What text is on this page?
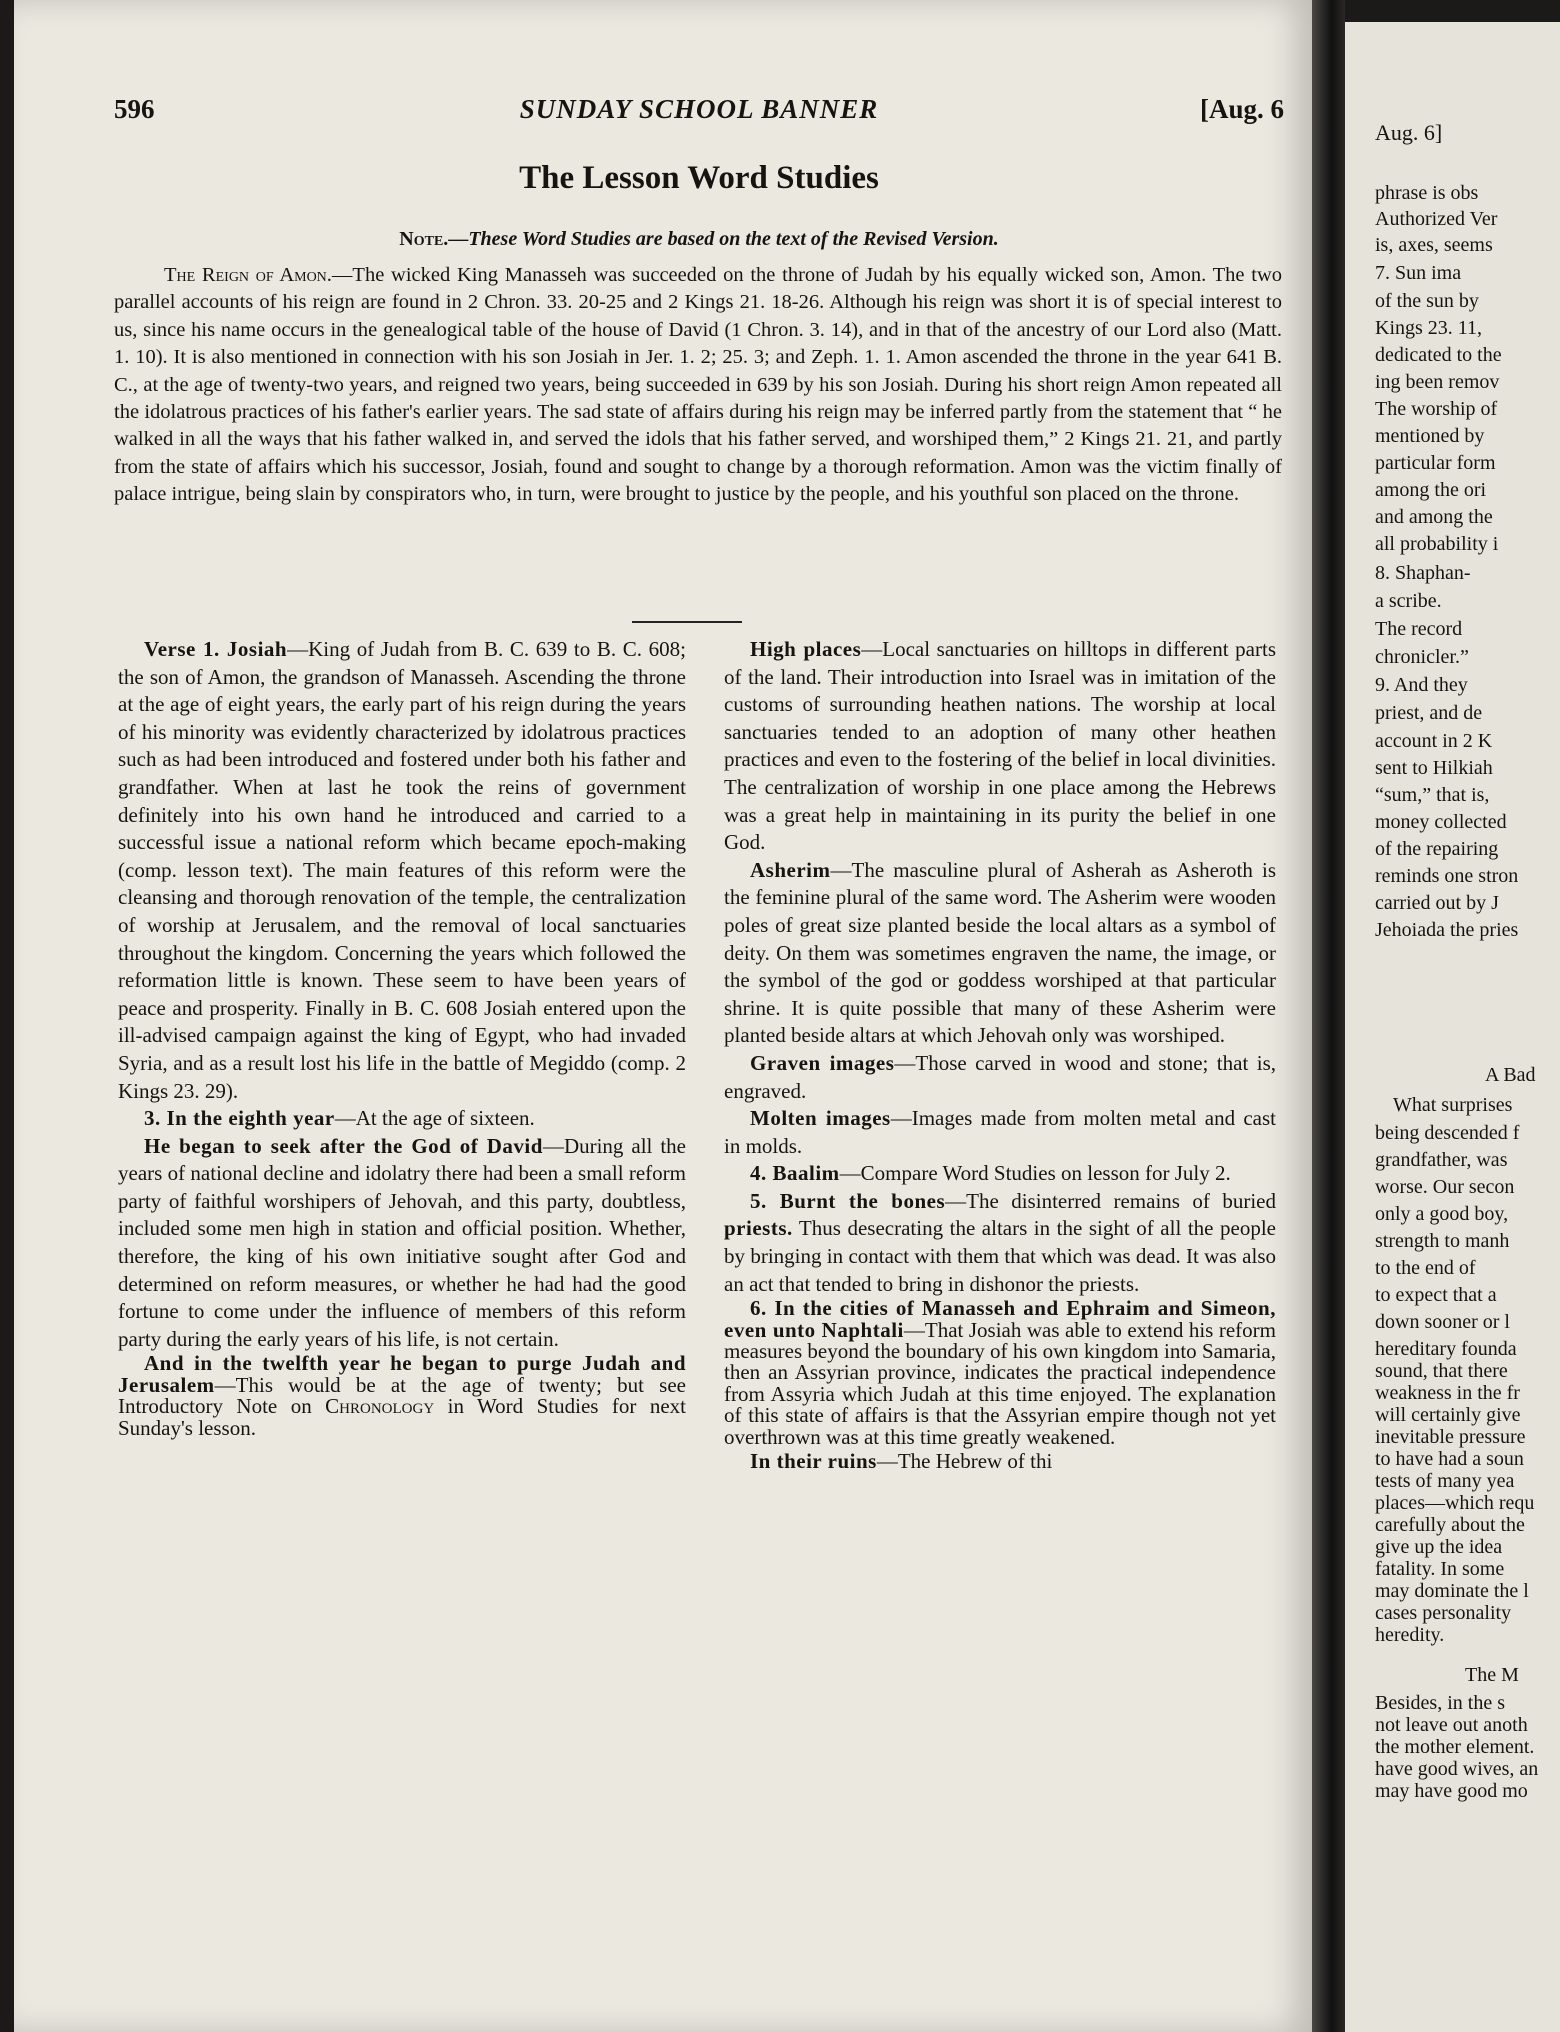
596	SUNDAY SCHOOL BANNER	[Aug. 6
The Lesson Word Studies
Note.—These Word Studies are based on the text of the Revised Version.
The Reign of Amon.—The wicked King Manasseh was succeeded on the throne of Judah by his equally wicked son, Amon. The two parallel accounts of his reign are found in 2 Chron. 33. 20-25 and 2 Kings 21. 18-26. Although his reign was short it is of special interest to us, since his name occurs in the genealogical table of the house of David (1 Chron. 3. 14), and in that of the ancestry of our Lord also (Matt. 1. 10). It is also mentioned in connection with his son Josiah in Jer. 1. 2; 25. 3; and Zeph. 1. 1. Amon ascended the throne in the year 641 B. C., at the age of twenty-two years, and reigned two years, being succeeded in 639 by his son Josiah. During his short reign Amon repeated all the idolatrous practices of his father's earlier years. The sad state of affairs during his reign may be inferred partly from the statement that “ he walked in all the ways that his father walked in, and served the idols that his father served, and worshiped them,” 2 Kings 21. 21, and partly from the state of affairs which his successor, Josiah, found and sought to change by a thorough reformation. Amon was the victim finally of palace intrigue, being slain by conspirators who, in turn, were brought to justice by the people, and his youthful son placed on the throne.

Verse 1. Josiah—King of Judah from B. C. 639 to B. C. 608; the son of Amon, the grandson of Manasseh. Ascending the throne at the age of eight years, the early part of his reign during the years of his minority was evidently characterized by idolatrous practices such as had been introduced and fostered under both his father and grandfather. When at last he took the reins of government definitely into his own hand he introduced and carried to a successful issue a national reform which became epoch-making (comp. lesson text). The main features of this reform were the cleansing and thorough renovation of the temple, the centralization of worship at Jerusalem, and the removal of local sanctuaries throughout the kingdom. Concerning the years which followed the reformation little is known. These seem to have been years of peace and prosperity. Finally in B. C. 608 Josiah entered upon the ill-advised campaign against the king of Egypt, who had invaded Syria, and as a result lost his life in the battle of Megiddo (comp. 2 Kings 23. 29).

3. In the eighth year—At the age of sixteen.

He began to seek after the God of David—During all the years of national decline and idolatry there had been a small reform party of faithful worshipers of Jehovah, and this party, doubtless, included some men high in station and official position. Whether, therefore, the king of his own initiative sought after God and determined on reform measures, or whether he had had the good fortune to come under the influence of members of this reform party during the early years of his life, is not certain.

And in the twelfth year he began to purge Judah and Jerusalem—This would be at the age of twenty; but see Introductory Note on Chronology in Word Studies for next Sunday's lesson.

High places—Local sanctuaries on hilltops in different parts of the land. Their introduction into Israel was in imitation of the customs of surrounding heathen nations. The worship at local sanctuaries tended to an adoption of many other heathen practices and even to the fostering of the belief in local divinities. The centralization of worship in one place among the Hebrews was a great help in maintaining in its purity the belief in one God.

Asherim—The masculine plural of Asherah as Asheroth is the feminine plural of the same word. The Asherim were wooden poles of great size planted beside the local altars as a symbol of deity. On them was sometimes engraven the name, the image, or the symbol of the god or goddess worshiped at that particular shrine. It is quite possible that many of these Asherim were planted beside altars at which Jehovah only was worshiped.

Graven images—Those carved in wood and stone; that is, engraved.

Molten images—Images made from molten metal and cast in molds.

4. Baalim—Compare Word Studies on lesson for July 2.

5. Burnt the bones—The disinterred remains of buried priests. Thus desecrating the altars in the sight of all the people by bringing in contact with them that which was dead. It was also an act that tended to bring in dishonor the priests.

6. In the cities of Manasseh and Ephraim and Simeon, even unto Naphtali—That Josiah was able to extend his reform measures beyond the boundary of his own kingdom into Samaria, then an Assyrian province, indicates the practical independence from Assyria which Judah at this time enjoyed. The explanation of this state of affairs is that the Assyrian empire though not yet overthrown was at this time greatly weakened.

In their ruins—The Hebrew of thi

Aug. 6]
phrase is obs
Authorized Ver
is, axes, seems
7. Sun ima
of the sun by
Kings 23. 11,
dedicated to the
ing been remov
The worship of
mentioned by
particular form
among the ori
and among the
all probability i
8. Shaphan-
a scribe.
The record
chronicler.”
9. And they
priest, and de
account in 2 K
sent to Hilkiah
“sum,” that is,
money collected
of the repairing
reminds one stron
carried out by J
Jehoiada the pries
A Bad
What surprises
being descended f
grandfather, was
worse. Our secon
only a good boy,
strength to manh
to the end of
to expect that a
down sooner or l
hereditary founda
sound, that there
weakness in the fr
will certainly give
inevitable pressure
to have had a soun
tests of many yea
places—which requ
carefully about the
give up the idea
fatality. In some
may dominate the l
cases personality
heredity.
The M
Besides, in the s
not leave out anoth
the mother element.
have good wives, an
may have good mo
